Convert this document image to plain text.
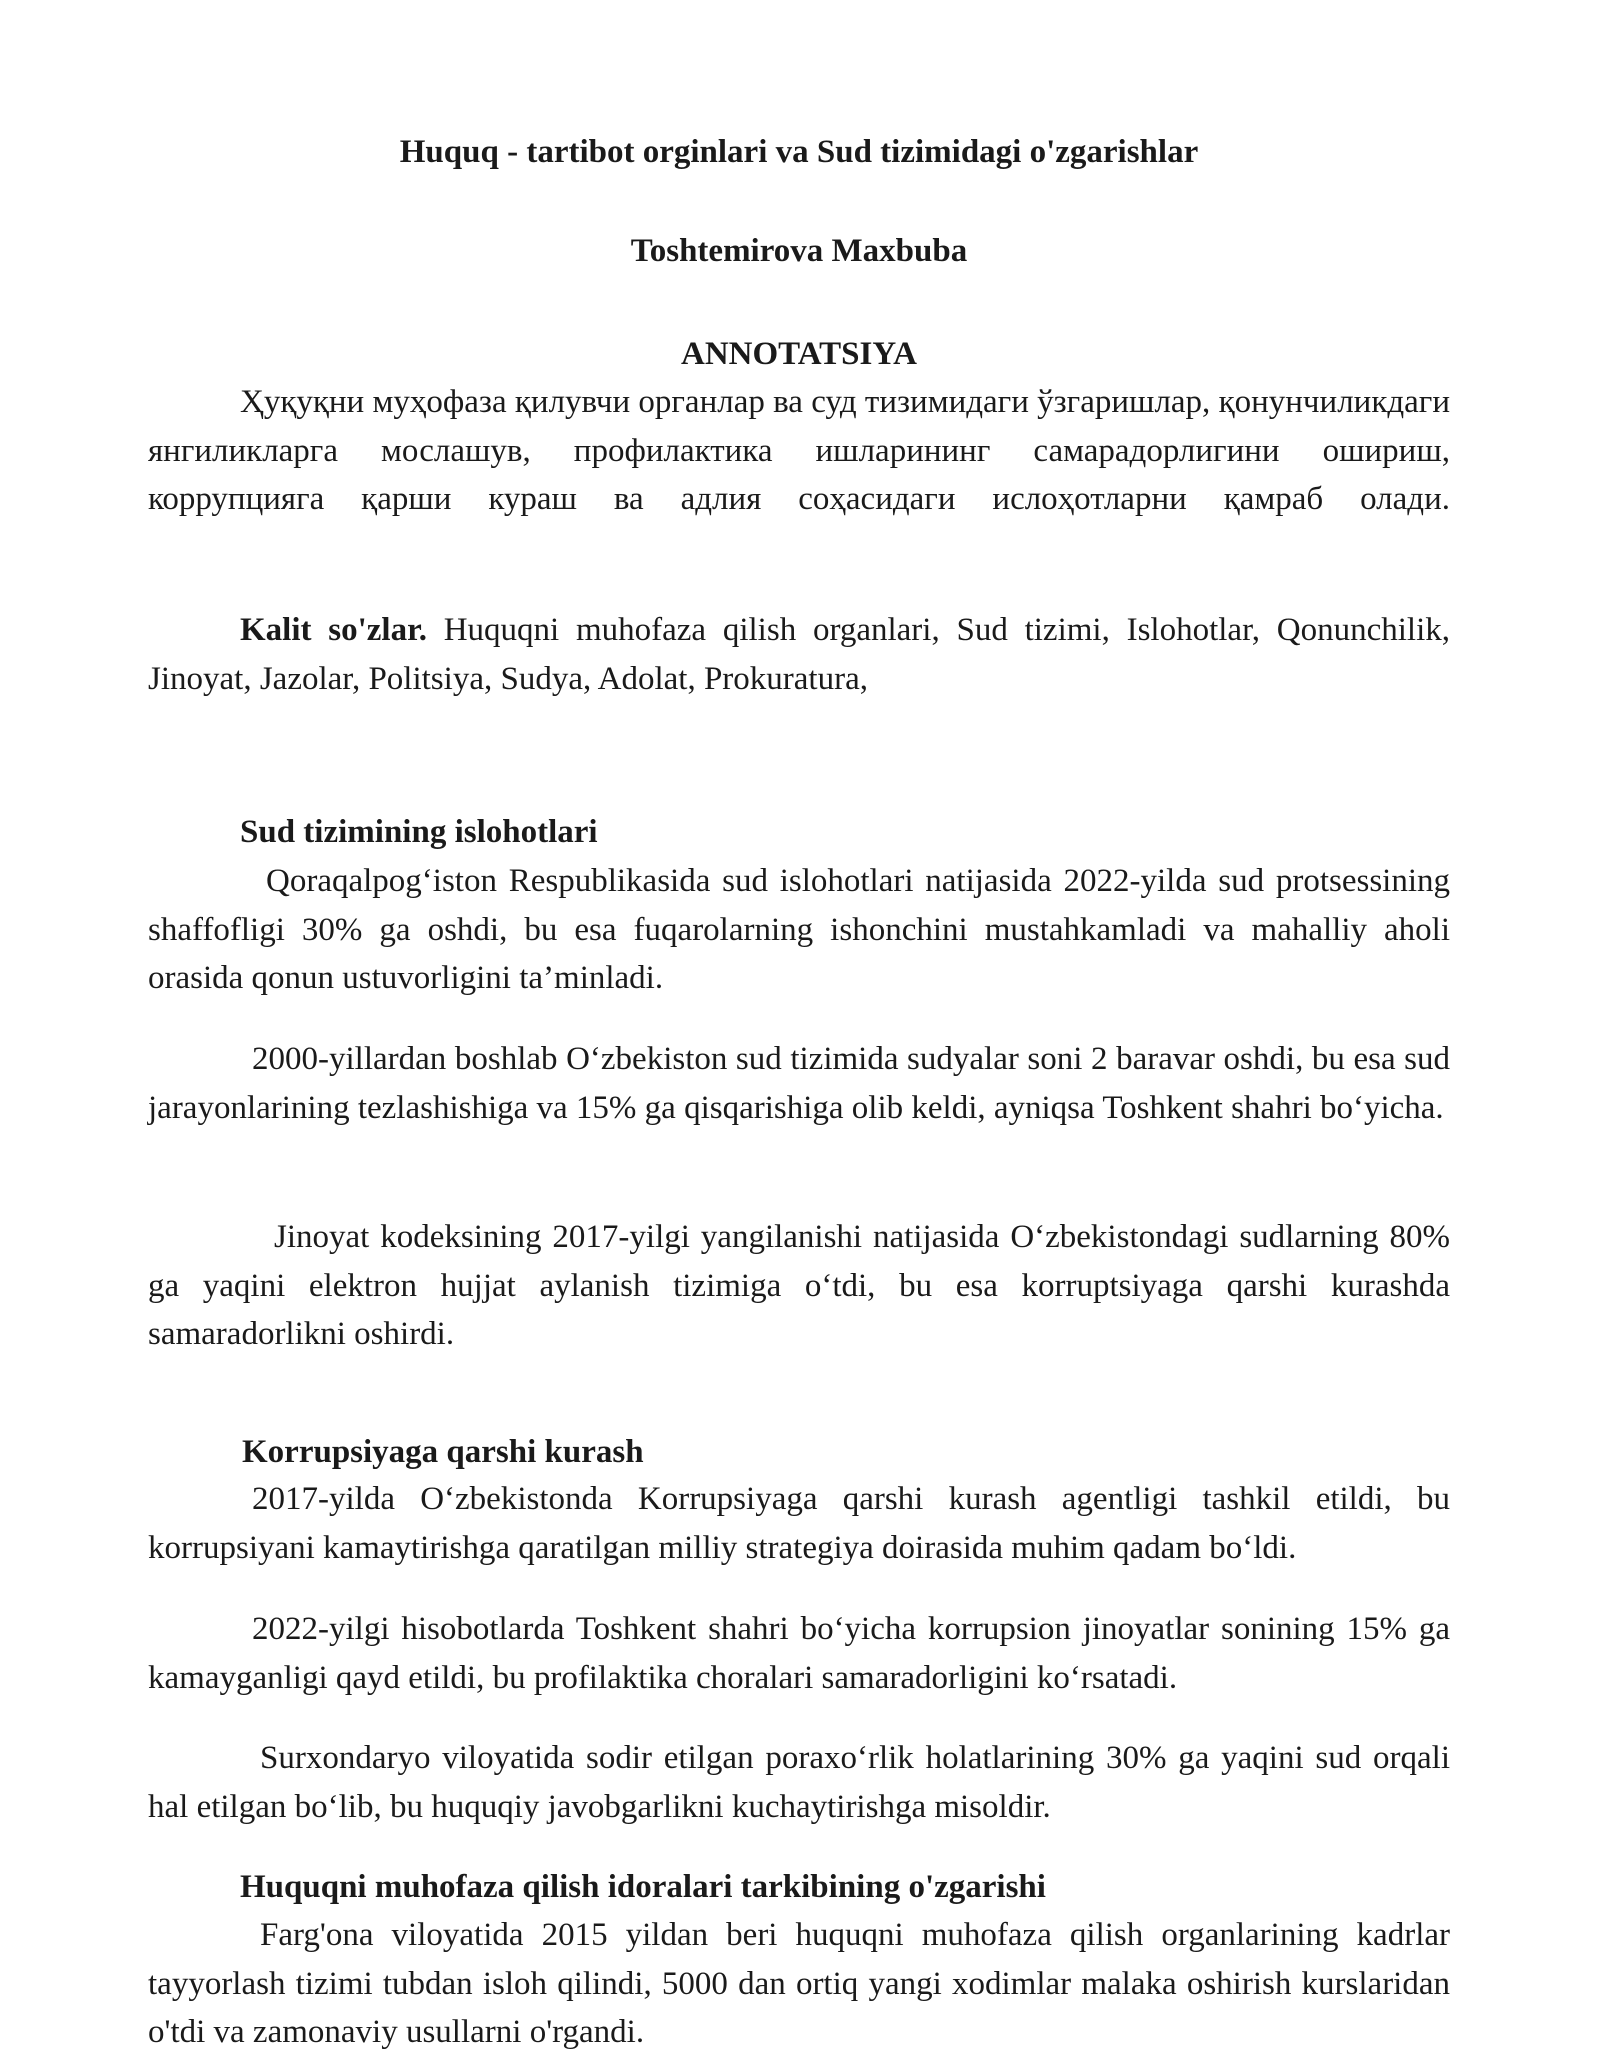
Huquq - tartibot orginlari va Sud tizimidagi o'zgarishlar

Toshtemirova Maxbuba

ANNOTATSIYA

Ҳуқуқни муҳофаза қилувчи органлар ва суд тизимидаги ўзгаришлар, қонунчиликдаги янгиликларга мослашув, профилактика ишларининг самарадорлигини ошириш, коррупцияга қарши кураш ва адлия соҳасидаги ислоҳотларни қамраб олади.

Kalit so'zlar. Huquqni muhofaza qilish organlari, Sud tizimi, Islohotlar, Qonunchilik, Jinoyat, Jazolar, Politsiya, Sudya, Adolat, Prokuratura,

Sud tizimining islohotlari

Qoraqalpogʻiston Respublikasida sud islohotlari natijasida 2022-yilda sud protsessining shaffofligi 30% ga oshdi, bu esa fuqarolarning ishonchini mustahkamladi va mahalliy aholi orasida qonun ustuvorligini ta’minladi.

2000-yillardan boshlab Oʻzbekiston sud tizimida sudyalar soni 2 baravar oshdi, bu esa sud jarayonlarining tezlashishiga va 15% ga qisqarishiga olib keldi, ayniqsa Toshkent shahri boʻyicha.

Jinoyat kodeksining 2017-yilgi yangilanishi natijasida Oʻzbekistondagi sudlarning 80% ga yaqini elektron hujjat aylanish tizimiga oʻtdi, bu esa korruptsiyaga qarshi kurashda samaradorlikni oshirdi.

Korrupsiyaga qarshi kurash

2017-yilda Oʻzbekistonda Korrupsiyaga qarshi kurash agentligi tashkil etildi, bu korrupsiyani kamaytirishga qaratilgan milliy strategiya doirasida muhim qadam boʻldi.

2022-yilgi hisobotlarda Toshkent shahri boʻyicha korrupsion jinoyatlar sonining 15% ga kamayganligi qayd etildi, bu profilaktika choralari samaradorligini koʻrsatadi.

Surxondaryo viloyatida sodir etilgan poraxoʻrlik holatlarining 30% ga yaqini sud orqali hal etilgan boʻlib, bu huquqiy javobgarlikni kuchaytirishga misoldir.

Huquqni muhofaza qilish idoralari tarkibining o'zgarishi

Farg'ona viloyatida 2015 yildan beri huquqni muhofaza qilish organlarining kadrlar tayyorlash tizimi tubdan isloh qilindi, 5000 dan ortiq yangi xodimlar malaka oshirish kurslaridan o'tdi va zamonaviy usullarni o'rgandi.
